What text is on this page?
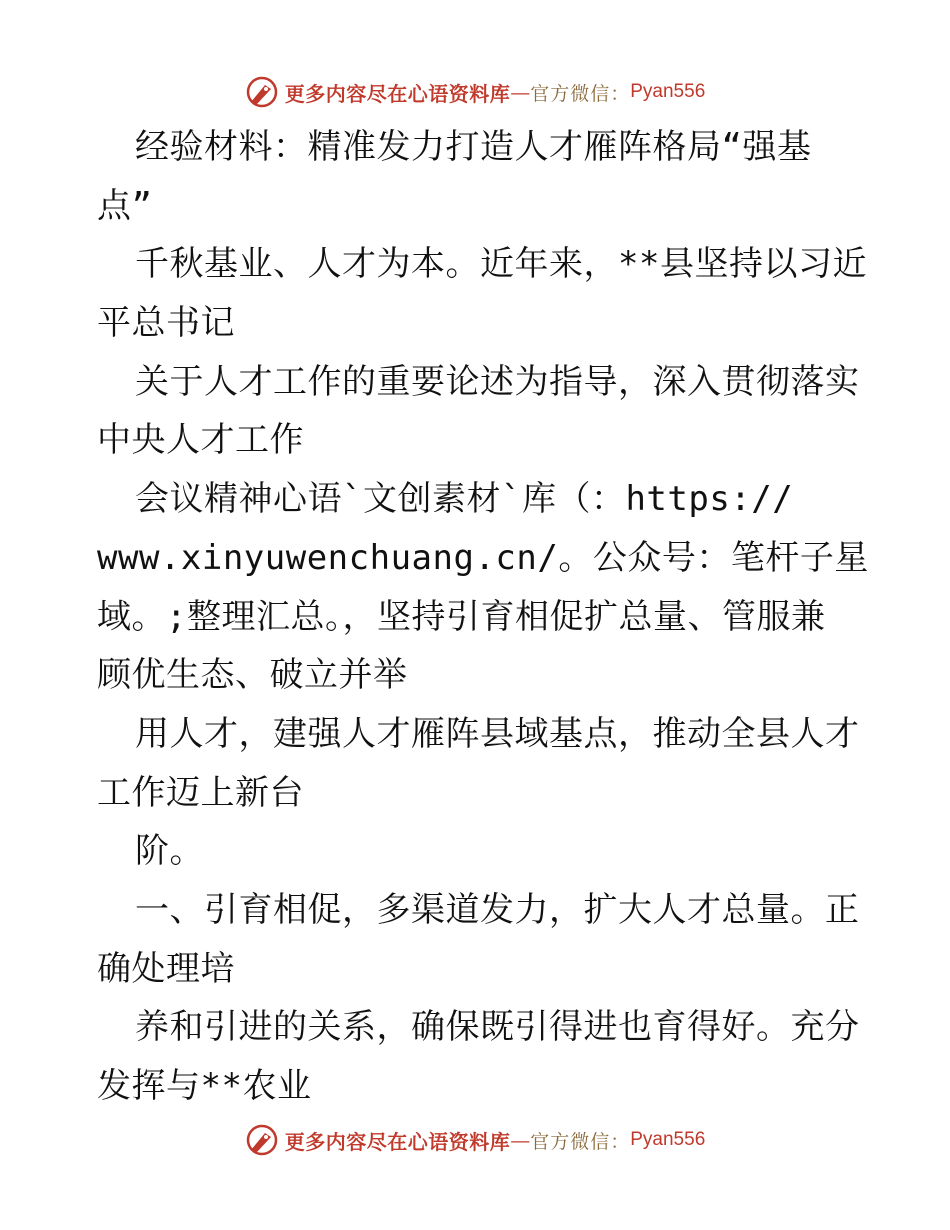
更多内容尽在心语资料库 — 官方微信： Pyan556
经验材料：精准发力打造人才雁阵格局“强基
点”
千秋基业、人才为本。近年来，**县坚持以习近
平总书记
关于人才工作的重要论述为指导，深入贯彻落实
中央人才工作
会议精神心语`文创素材`库（：https://
www.xinyuwenchuang.cn/。公众号：笔杆子星
域。;整理汇总。，坚持引育相促扩总量、管服兼
顾优生态、破立并举
用人才，建强人才雁阵县域基点，推动全县人才
工作迈上新台
阶。
一、引育相促，多渠道发力，扩大人才总量。正
确处理培
养和引进的关系，确保既引得进也育得好。充分
发挥与**农业
更多内容尽在心语资料库 — 官方微信： Pyan556
